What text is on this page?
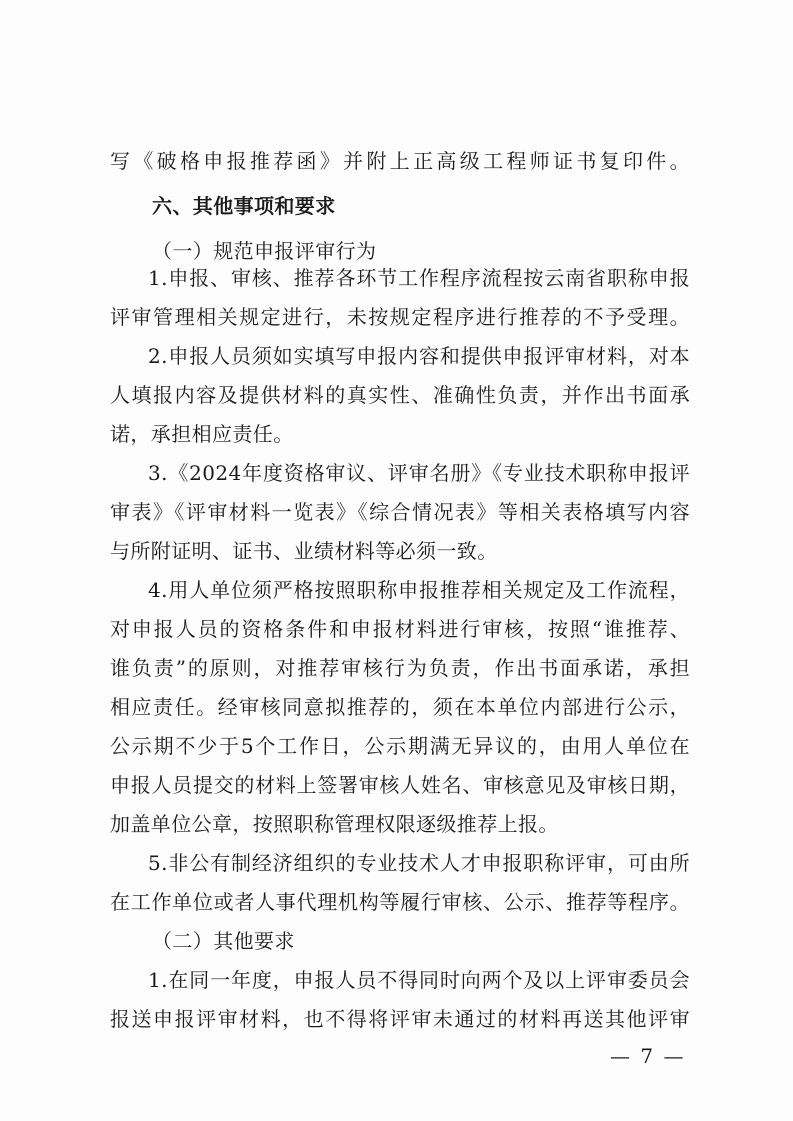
写《破格申报推荐函》并附上正高级工程师证书复印件。
六、其他事项和要求
（一）规范申报评审行为
1.申报、审核、推荐各环节工作程序流程按云南省职称申报
评审管理相关规定进行，未按规定程序进行推荐的不予受理。
2.申报人员须如实填写申报内容和提供申报评审材料，对本
人填报内容及提供材料的真实性、准确性负责，并作出书面承
诺，承担相应责任。
3.《2024年度资格审议、评审名册》《专业技术职称申报评
审表》《评审材料一览表》《综合情况表》等相关表格填写内容
与所附证明、证书、业绩材料等必须一致。
4.用人单位须严格按照职称申报推荐相关规定及工作流程，
对申报人员的资格条件和申报材料进行审核，按照“谁推荐、
谁负责”的原则，对推荐审核行为负责，作出书面承诺，承担
相应责任。经审核同意拟推荐的，须在本单位内部进行公示，
公示期不少于5个工作日，公示期满无异议的，由用人单位在
申报人员提交的材料上签署审核人姓名、审核意见及审核日期，
加盖单位公章，按照职称管理权限逐级推荐上报。
5.非公有制经济组织的专业技术人才申报职称评审，可由所
在工作单位或者人事代理机构等履行审核、公示、推荐等程序。
（二）其他要求
1.在同一年度，申报人员不得同时向两个及以上评审委员会
报送申报评审材料，也不得将评审未通过的材料再送其他评审
— 7 —
